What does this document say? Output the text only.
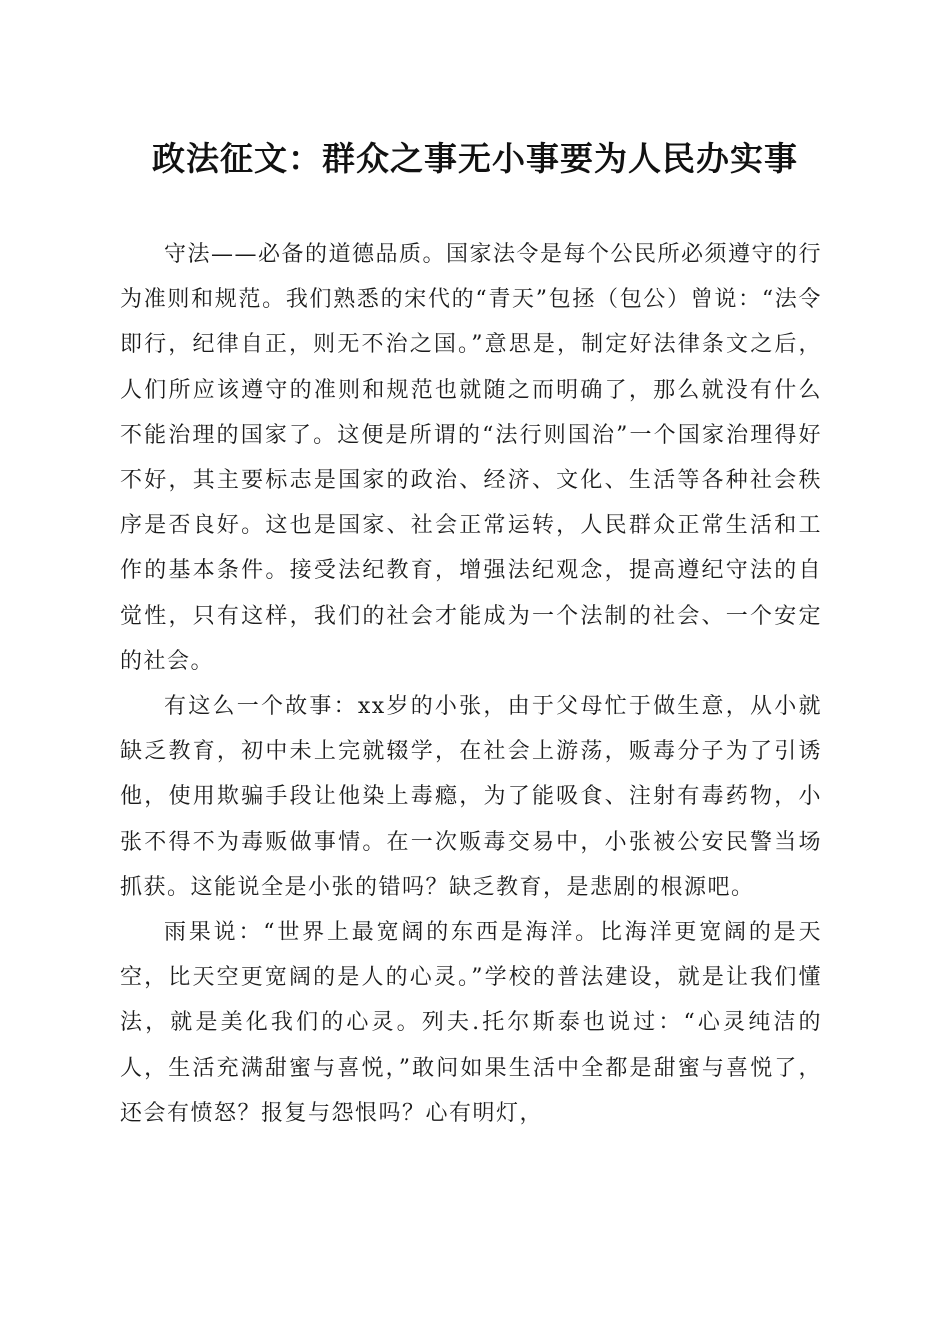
政法征文：群众之事无小事要为人民办实事

守法——必备的道德品质。国家法令是每个公民所必须遵守的行为准则和规范。我们熟悉的宋代的“青天”包拯（包公）曾说：“法令即行，纪律自正，则无不治之国。”意思是，制定好法律条文之后，人们所应该遵守的准则和规范也就随之而明确了，那么就没有什么不能治理的国家了。这便是所谓的“法行则国治”一个国家治理得好不好，其主要标志是国家的政治、经济、文化、生活等各种社会秩序是否良好。这也是国家、社会正常运转，人民群众正常生活和工作的基本条件。接受法纪教育，增强法纪观念，提高遵纪守法的自觉性，只有这样，我们的社会才能成为一个法制的社会、一个安定的社会。

有这么一个故事：xx岁的小张，由于父母忙于做生意，从小就缺乏教育，初中未上完就辍学，在社会上游荡，贩毒分子为了引诱他，使用欺骗手段让他染上毒瘾，为了能吸食、注射有毒药物，小张不得不为毒贩做事情。在一次贩毒交易中，小张被公安民警当场抓获。这能说全是小张的错吗？缺乏教育，是悲剧的根源吧。

雨果说：“世界上最宽阔的东西是海洋。比海洋更宽阔的是天空，比天空更宽阔的是人的心灵。”学校的普法建设，就是让我们懂法，就是美化我们的心灵。列夫.托尔斯泰也说过：“心灵纯洁的人，生活充满甜蜜与喜悦，”敢问如果生活中全都是甜蜜与喜悦了，还会有愤怒？报复与怨恨吗？心有明灯，
